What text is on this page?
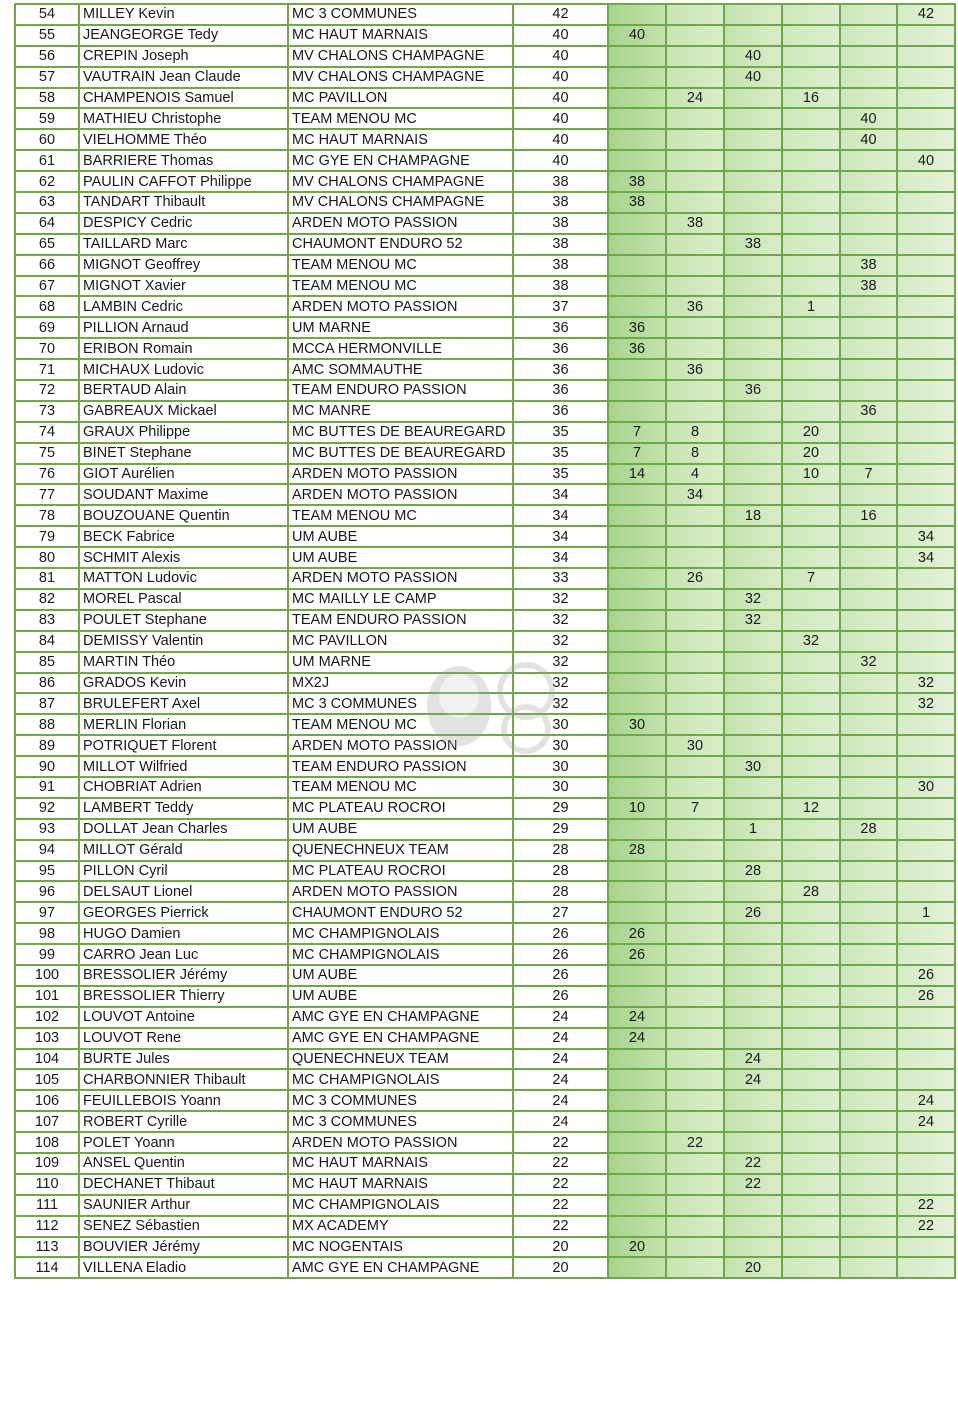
54	MILLEY Kevin	MC 3 COMMUNES	42						42
55	JEANGEORGE Tedy	MC HAUT MARNAIS	40	40					
56	CREPIN Joseph	MV CHALONS CHAMPAGNE	40			40			
57	VAUTRAIN Jean Claude	MV CHALONS CHAMPAGNE	40			40			
58	CHAMPENOIS Samuel	MC PAVILLON	40		24		16		
59	MATHIEU Christophe	TEAM MENOU MC	40					40	
60	VIELHOMME Théo	MC HAUT MARNAIS	40					40	
61	BARRIERE Thomas	MC GYE EN CHAMPAGNE	40						40
62	PAULIN CAFFOT Philippe	MV CHALONS CHAMPAGNE	38	38					
63	TANDART Thibault	MV CHALONS CHAMPAGNE	38	38					
64	DESPICY Cedric	ARDEN MOTO PASSION	38		38				
65	TAILLARD Marc	CHAUMONT ENDURO 52	38			38			
66	MIGNOT Geoffrey	TEAM MENOU MC	38					38	
67	MIGNOT Xavier	TEAM MENOU MC	38					38	
68	LAMBIN Cedric	ARDEN MOTO PASSION	37		36		1		
69	PILLION Arnaud	UM MARNE	36	36					
70	ERIBON Romain	MCCA HERMONVILLE	36	36					
71	MICHAUX Ludovic	AMC SOMMAUTHE	36		36				
72	BERTAUD Alain	TEAM ENDURO PASSION	36			36			
73	GABREAUX Mickael	MC MANRE	36					36	
74	GRAUX Philippe	MC BUTTES DE BEAUREGARD	35	7	8		20		
75	BINET Stephane	MC BUTTES DE BEAUREGARD	35	7	8		20		
76	GIOT Aurélien	ARDEN MOTO PASSION	35	14	4		10	7	
77	SOUDANT Maxime	ARDEN MOTO PASSION	34		34				
78	BOUZOUANE Quentin	TEAM MENOU MC	34			18		16	
79	BECK Fabrice	UM AUBE	34						34
80	SCHMIT Alexis	UM AUBE	34						34
81	MATTON Ludovic	ARDEN MOTO PASSION	33		26		7		
82	MOREL Pascal	MC MAILLY LE CAMP	32			32			
83	POULET Stephane	TEAM ENDURO PASSION	32			32			
84	DEMISSY Valentin	MC PAVILLON	32				32		
85	MARTIN Théo	UM MARNE	32					32	
86	GRADOS Kevin	MX2J	32						32
87	BRULEFERT Axel	MC 3 COMMUNES	32						32
88	MERLIN Florian	TEAM MENOU MC	30	30					
89	POTRIQUET Florent	ARDEN MOTO PASSION	30		30				
90	MILLOT Wilfried	TEAM ENDURO PASSION	30			30			
91	CHOBRIAT Adrien	TEAM MENOU MC	30						30
92	LAMBERT Teddy	MC PLATEAU ROCROI	29	10	7		12		
93	DOLLAT Jean Charles	UM AUBE	29			1		28	
94	MILLOT Gérald	QUENECHNEUX TEAM	28	28					
95	PILLON Cyril	MC PLATEAU ROCROI	28			28			
96	DELSAUT Lionel	ARDEN MOTO PASSION	28				28		
97	GEORGES Pierrick	CHAUMONT ENDURO 52	27			26			1
98	HUGO Damien	MC CHAMPIGNOLAIS	26	26					
99	CARRO Jean Luc	MC CHAMPIGNOLAIS	26	26					
100	BRESSOLIER Jérémy	UM AUBE	26						26
101	BRESSOLIER Thierry	UM AUBE	26						26
102	LOUVOT Antoine	AMC GYE EN CHAMPAGNE	24	24					
103	LOUVOT Rene	AMC GYE EN CHAMPAGNE	24	24					
104	BURTE Jules	QUENECHNEUX TEAM	24			24			
105	CHARBONNIER Thibault	MC CHAMPIGNOLAIS	24			24			
106	FEUILLEBOIS Yoann	MC 3 COMMUNES	24						24
107	ROBERT Cyrille	MC 3 COMMUNES	24						24
108	POLET Yoann	ARDEN MOTO PASSION	22		22				
109	ANSEL Quentin	MC HAUT MARNAIS	22			22			
110	DECHANET Thibaut	MC HAUT MARNAIS	22			22			
111	SAUNIER Arthur	MC CHAMPIGNOLAIS	22						22
112	SENEZ Sébastien	MX ACADEMY	22						22
113	BOUVIER Jérémy	MC NOGENTAIS	20	20					
114	VILLENA Eladio	AMC GYE EN CHAMPAGNE	20			20			
